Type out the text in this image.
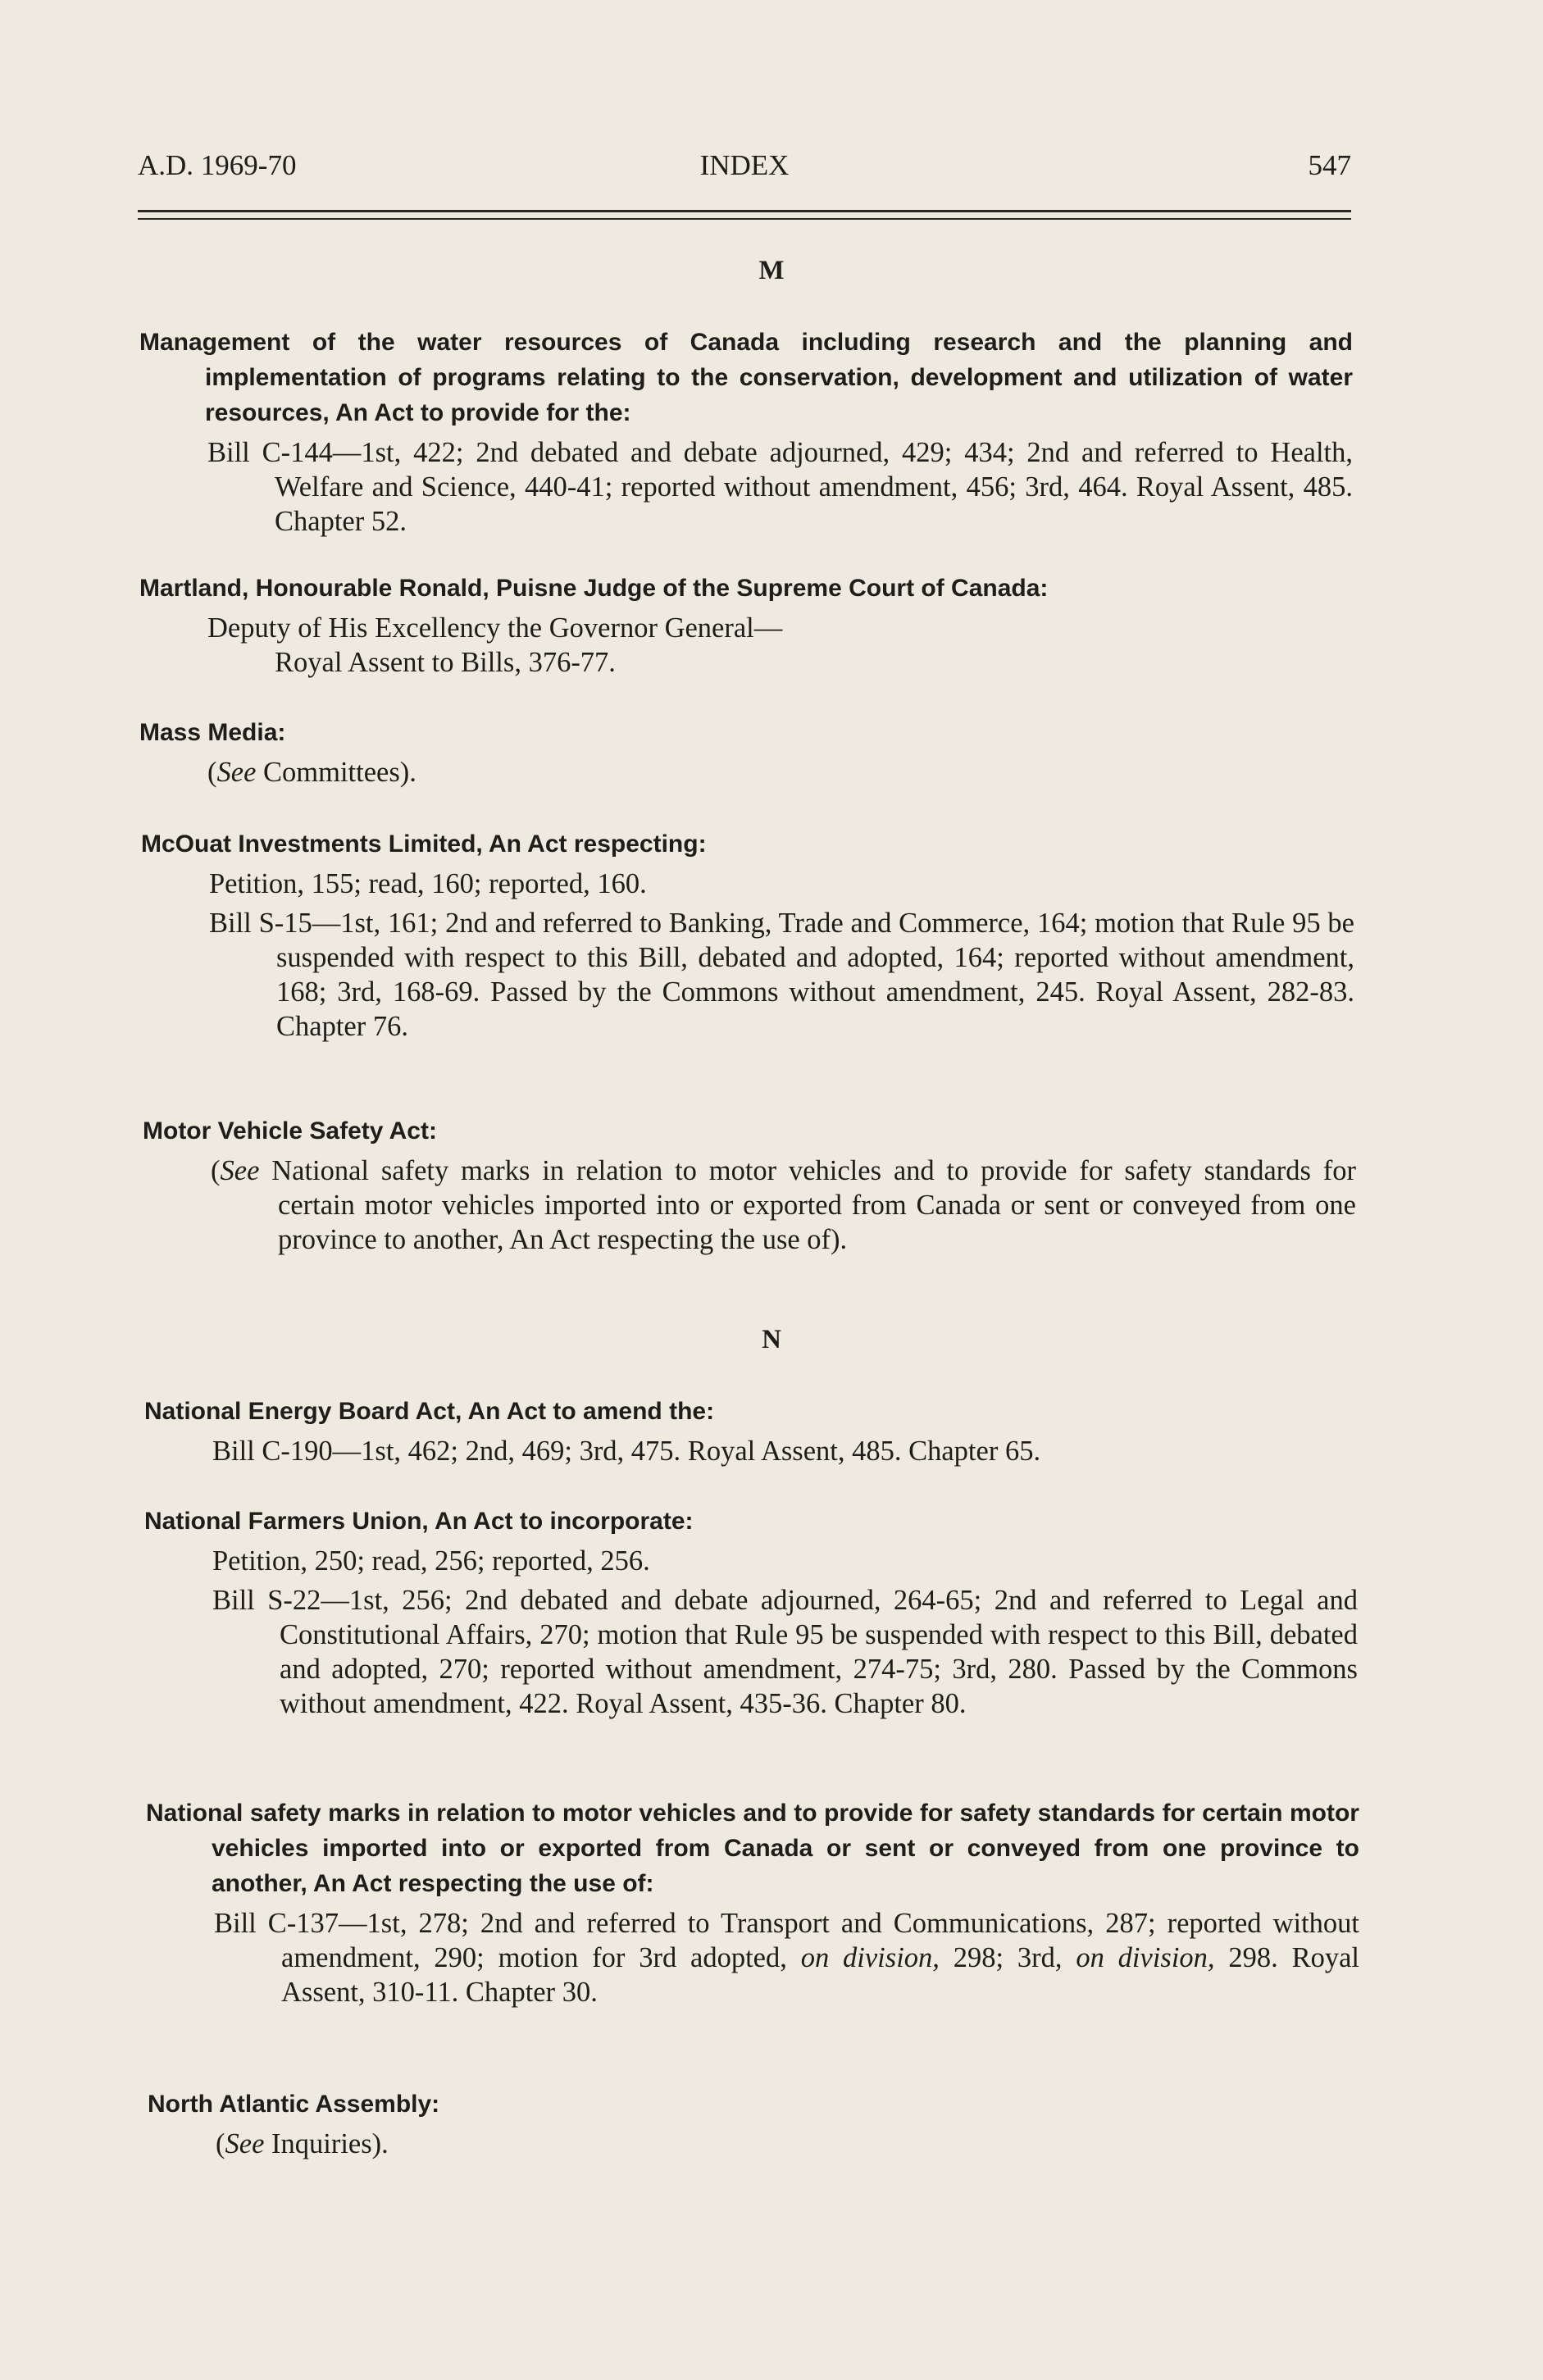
A.D. 1969-70	INDEX	547
M

Management of the water resources of Canada including research and the planning and implementation of programs relating to the conservation, development and utilization of water resources, An Act to provide for the:

Bill C-144—1st, 422; 2nd debated and debate adjourned, 429; 434; 2nd and referred to Health, Welfare and Science, 440-41; reported without amendment, 456; 3rd, 464. Royal Assent, 485. Chapter 52.

Martland, Honourable Ronald, Puisne Judge of the Supreme Court of Canada:

Deputy of His Excellency the Governor General—

Royal Assent to Bills, 376-77.

Mass Media:

(See Committees).

McOuat Investments Limited, An Act respecting:

Petition, 155; read, 160; reported, 160.

Bill S-15—1st, 161; 2nd and referred to Banking, Trade and Commerce, 164; motion that Rule 95 be suspended with respect to this Bill, debated and adopted, 164; reported without amendment, 168; 3rd, 168-69. Passed by the Commons without amendment, 245. Royal Assent, 282-83. Chapter 76.

Motor Vehicle Safety Act:

(See National safety marks in relation to motor vehicles and to provide for safety standards for certain motor vehicles imported into or exported from Canada or sent or conveyed from one province to another, An Act respecting the use of).

N

National Energy Board Act, An Act to amend the:

Bill C-190—1st, 462; 2nd, 469; 3rd, 475. Royal Assent, 485. Chapter 65.

National Farmers Union, An Act to incorporate:

Petition, 250; read, 256; reported, 256.

Bill S-22—1st, 256; 2nd debated and debate adjourned, 264-65; 2nd and referred to Legal and Constitutional Affairs, 270; motion that Rule 95 be suspended with respect to this Bill, debated and adopted, 270; reported without amendment, 274-75; 3rd, 280. Passed by the Commons without amendment, 422. Royal Assent, 435-36. Chapter 80.

National safety marks in relation to motor vehicles and to provide for safety standards for certain motor vehicles imported into or exported from Canada or sent or conveyed from one province to another, An Act respecting the use of:

Bill C-137—1st, 278; 2nd and referred to Transport and Communications, 287; reported without amendment, 290; motion for 3rd adopted, on division, 298; 3rd, on division, 298. Royal Assent, 310-11. Chapter 30.

North Atlantic Assembly:

(See Inquiries).
